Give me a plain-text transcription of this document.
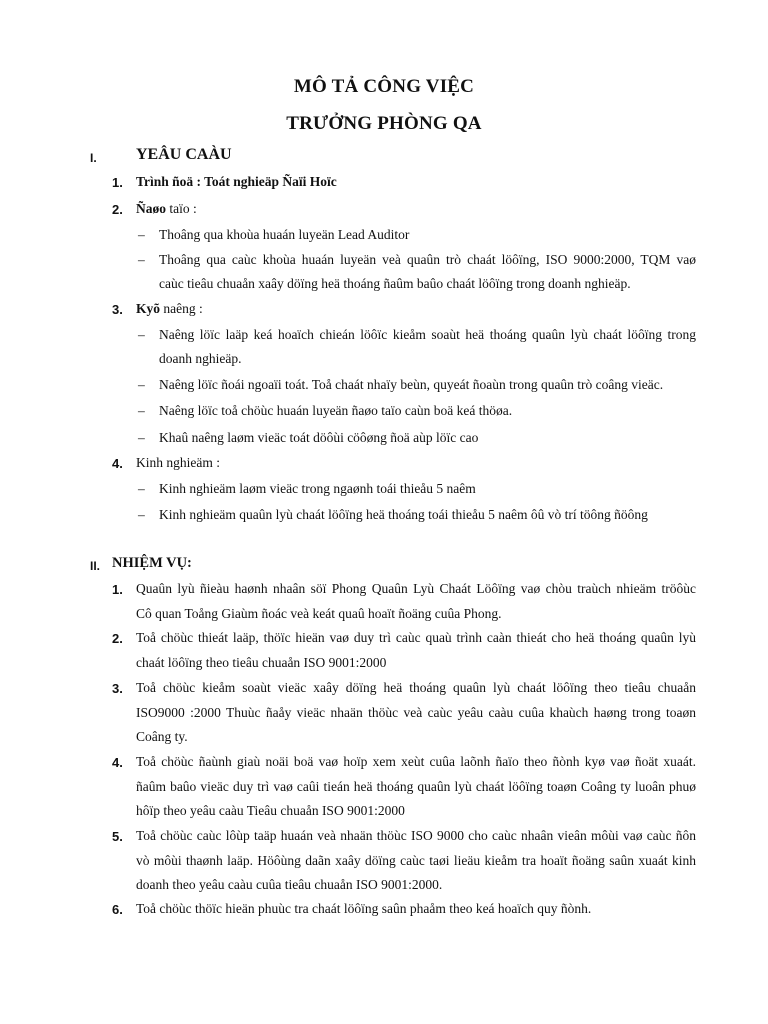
MÔ TẢ CÔNG VIỆC
TRƯỞNG PHÒNG QA
I. YEÂU CAÀU
1. Trình ñoä : Toát nghieäp Ñaïi Hoïc
2. Ñaøo taïo :
– Thoâng qua khoùa huaán luyeän Lead Auditor
– Thoâng qua caùc khoùa huaán luyeän veà quaûn trò chaát löôïng, ISO 9000:2000, TQM vaø
caùc tieâu chuaån xaây döïng heä thoáng ñaûm baûo chaát löôïng trong doanh nghieäp.
3. Kyõ naêng :
– Naêng löïc laäp keá hoaïch chieán löôïc kieåm soaùt heä thoáng quaûn lyù chaát löôïng trong
doanh nghieäp.
– Naêng löïc ñoái ngoaïi toát. Toå chaát nhaïy beùn, quyeát ñoaùn trong quaûn trò coâng vieäc.
– Naêng löïc toå chöùc huaán luyeän ñaøo taïo caùn boä keá thöøa.
– Khaû naêng laøm vieäc toát döôùi cöôøng ñoä aùp löïc cao
4. Kinh nghieäm :
– Kinh nghieäm laøm vieäc trong ngaønh toái thieåu 5 naêm
– Kinh nghieäm quaûn lyù chaát löôïng heä thoáng toái thieåu 5 naêm ôû vò trí töông ñöông
II. NHIỆM VỤ:
1. Quaûn lyù ñieàu haønh nhaân söï Phong Quaûn Lyù Chaát Löôïng vaø chòu traùch nhieäm tröôùc
Cô quan Toång Giaùm ñoác veà keát quaû hoaït ñoäng cuûa Phong.
2. Toå chöùc thieát laäp, thöïc hieän vaø duy trì caùc quaù trình caàn thieát cho heä thoáng quaûn lyù
chaát löôïng theo tieâu chuaån ISO 9001:2000
3. Toå chöùc kieåm soaùt vieäc xaây döïng heä thoáng quaûn lyù chaát löôïng theo tieâu chuaån
ISO9000 :2000 Thuùc ñaåy vieäc nhaän thöùc veà caùc yeâu caàu cuûa khaùch haøng trong toaøn
Coâng ty.
4. Toå chöùc ñaùnh giaù noäi boä vaø hoïp xem xeùt cuûa laõnh ñaïo theo ñònh kyø vaø ñoät xuaát.
ñaûm baûo vieäc duy trì vaø caûi tieán heä thoáng quaûn lyù chaát löôïng toaøn Coâng ty luoân phuø
hôïp theo yeâu caàu Tieâu chuaån ISO 9001:2000
5. Toå chöùc caùc lôùp taäp huaán veà nhaän thöùc ISO 9000 cho caùc nhaân vieân môùi vaø caùc ñôn
vò môùi thaønh laäp. Höôùng daãn xaây döïng caùc taøi lieäu kieåm tra hoaït ñoäng saûn xuaát kinh
doanh theo yeâu caàu cuûa tieâu chuaån ISO 9001:2000.
6. Toå chöùc thöïc hieän phuùc tra chaát löôïng saûn phaåm theo keá hoaïch quy ñònh.
